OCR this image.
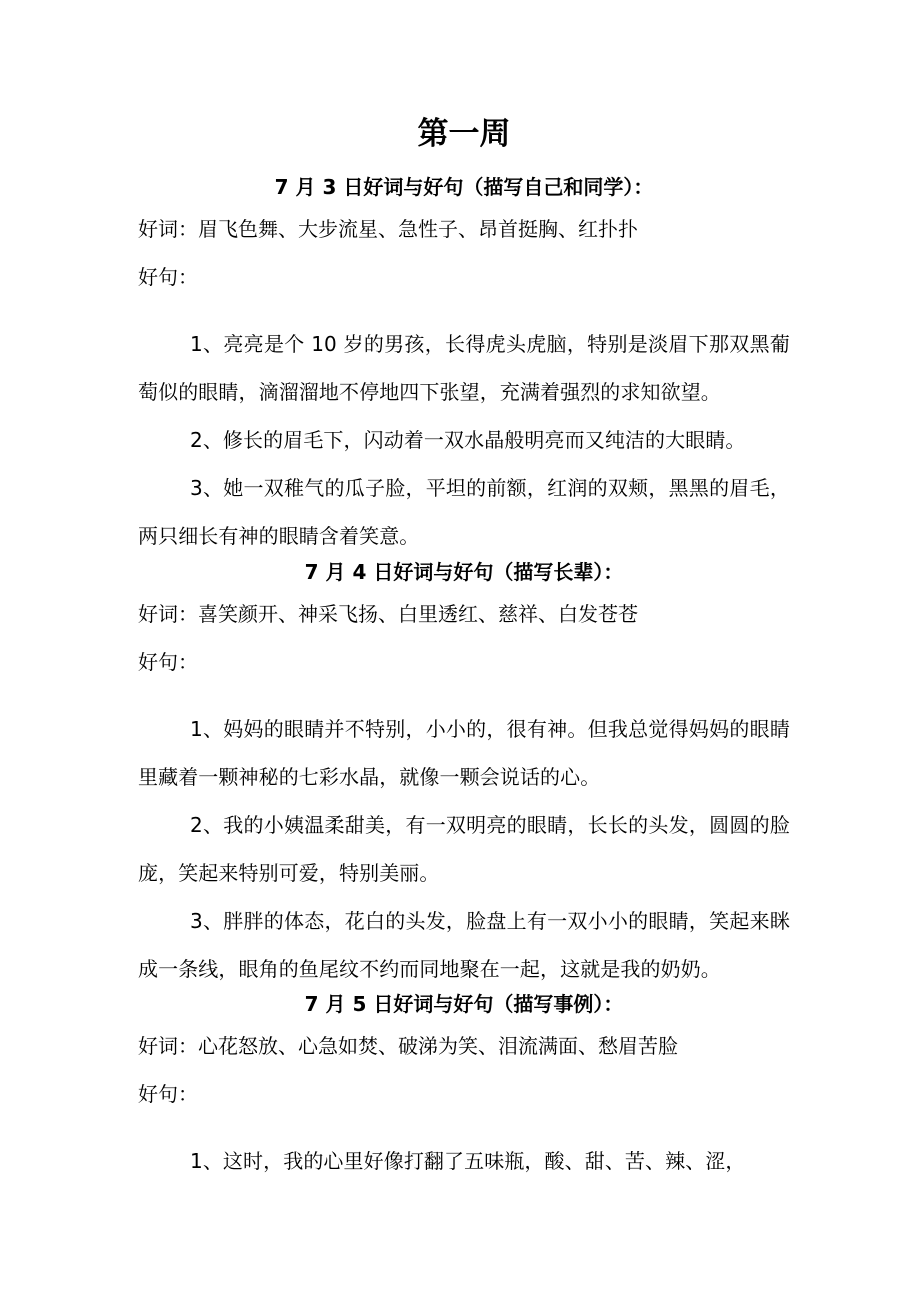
第一周
7 月 3 日好词与好句（描写自己和同学）：
好词：眉飞色舞、大步流星、急性子、昂首挺胸、红扑扑
好句：

1、亮亮是个 10 岁的男孩，长得虎头虎脑，特别是淡眉下那双黑葡萄似的眼睛，滴溜溜地不停地四下张望，充满着强烈的求知欲望。

2、修长的眉毛下，闪动着一双水晶般明亮而又纯洁的大眼睛。

3、她一双稚气的瓜子脸，平坦的前额，红润的双颊，黑黑的眉毛，两只细长有神的眼睛含着笑意。

7 月 4 日好词与好句（描写长辈）：
好词：喜笑颜开、神采飞扬、白里透红、慈祥、白发苍苍
好句：

1、妈妈的眼睛并不特别，小小的，很有神。但我总觉得妈妈的眼睛里藏着一颗神秘的七彩水晶，就像一颗会说话的心。

2、我的小姨温柔甜美，有一双明亮的眼睛，长长的头发，圆圆的脸庞，笑起来特别可爱，特别美丽。

3、胖胖的体态，花白的头发，脸盘上有一双小小的眼睛，笑起来眯成一条线，眼角的鱼尾纹不约而同地聚在一起，这就是我的奶奶。

7 月 5 日好词与好句（描写事例）：
好词：心花怒放、心急如焚、破涕为笑、泪流满面、愁眉苦脸
好句：

1、这时，我的心里好像打翻了五味瓶，酸、甜、苦、辣、涩，
